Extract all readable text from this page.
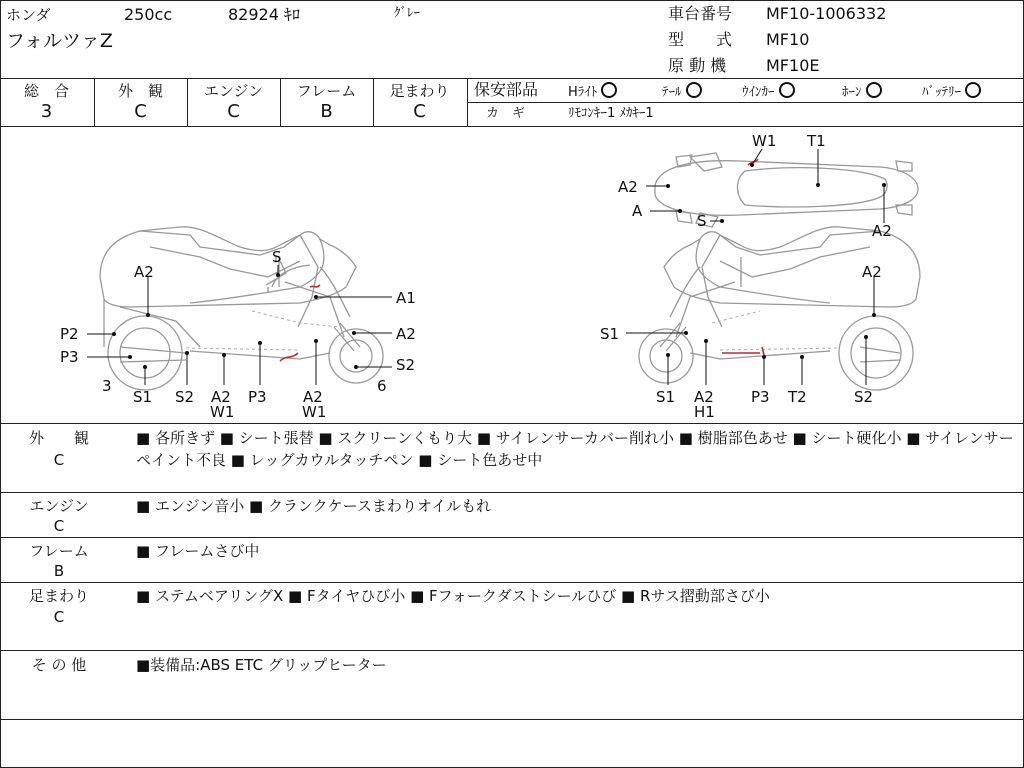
ホンダ	250cc	82924 ｷﾛ	ｸﾞﾚｰ
フォルツァZ
車台番号 MF10-1006332
型　　式 MF10
原 動 機 MF10E
総　合
3
外　観
C
エンジン
C
フレーム
B
足まわり
C
保安部品 Hﾗｲﾄ	ﾃｰﾙ	ｳｲﾝｶｰ	ﾎｰﾝ	ﾊﾞｯﾃﾘｰ
カ　ギ	ﾘﾓｺﾝｷｰ1 ﾒｶｷｰ1
W1 T1
A2
A
S
A2
S
A2
A1
P2	A2
P3	S2
3	6
S1 S2 A2
W1
P3 A2
W1
A2
S1
S1 A2
H1
P3 T2	S2
外　　観
C
■ 各所きず ■ シート張替 ■ スクリーンくもり大 ■ サイレンサーカバー削れ小 ■ 樹脂部色あせ ■ シート硬化小 ■ サイレンサーペイント不良 ■ レッグカウルタッチペン ■ シート色あせ中
エンジン
C
■ エンジン音小 ■ クランクケースまわりオイルもれ
フレーム
B
■ フレームさび中
足まわり
C
■ ステムベアリングX ■ Fタイヤひび小 ■ Fフォークダストシールひび ■ Rサス摺動部さび小
そ の 他	■装備品:ABS ETC グリップヒーター
